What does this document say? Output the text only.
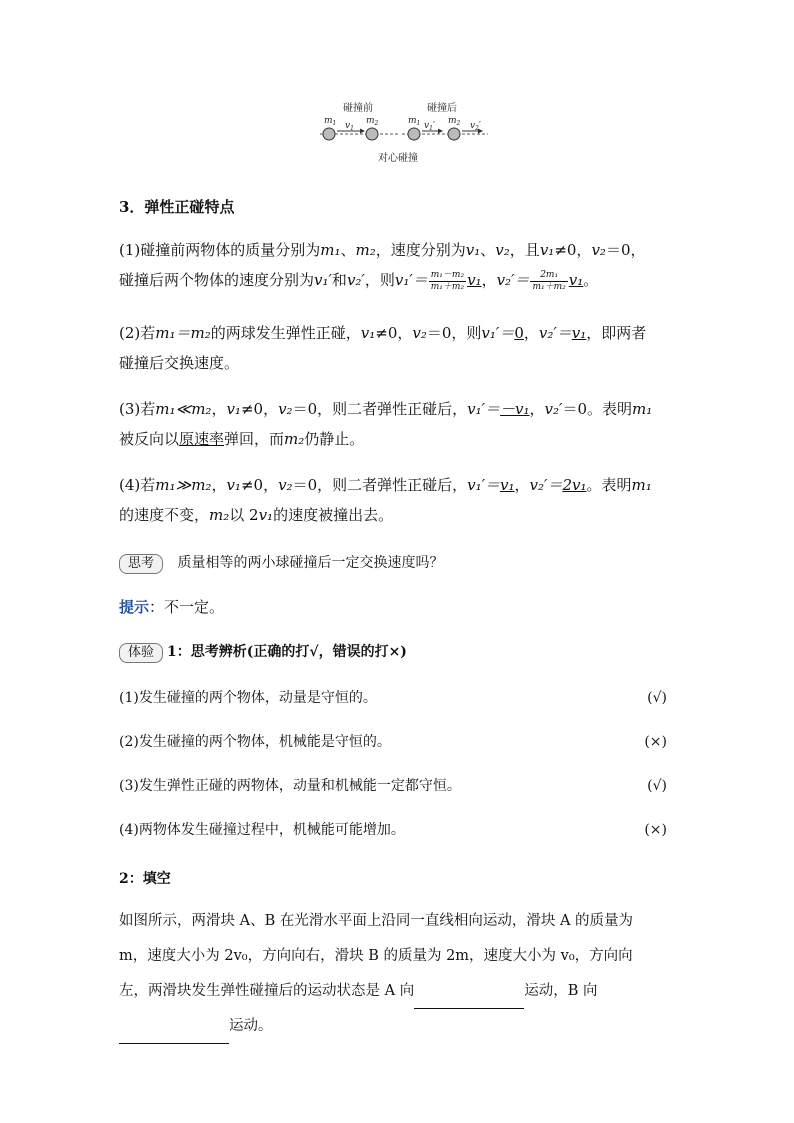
碰撞前	碰撞后
$m_1$	$m_2$
$v_1$
$m_1$ $v_1'$ $m_2$ $v_2'$
对心碰撞
3．弹性正碰特点
(1)碰撞前两物体的质量分别为m₁、m₂，速度分别为v₁、v₂，且v₁≠0，v₂＝0，
碰撞后两个物体的速度分别为v₁′和v₂′，则$v_1'= \frac{\text{m₁－m₂}}{\text{m₁＋m₂}} v_1$，$v_2'= \frac{\text{2m₁}}{\text{m₁＋m₂}} v_1$。
(2)若m₁＝m₂的两球发生弹性正碰，v₁≠0，v₂＝0，则v₁′＝0，v₂′＝v₁，即两者
碰撞后交换速度。
(3)若m₁≪m₂，v₁≠0，v₂＝0，则二者弹性正碰后，v₁′＝－v₁，v₂′＝0。表明m₁
被反向以原速率弹回，而m₂仍静止。
(4)若m₁≫m₂，v₁≠0，v₂＝0，则二者弹性正碰后，v₁′＝v₁，v₂′＝2v₁。表明m₁
的速度不变，m₂以 2v₁的速度被撞出去。
思考 质量相等的两小球碰撞后一定交换速度吗？
提示：不一定。
体验 1：思考辨析(正确的打√，错误的打×)
(1)发生碰撞的两个物体，动量是守恒的。	(√)
(2)发生碰撞的两个物体，机械能是守恒的。	(×)
(3)发生弹性正碰的两物体，动量和机械能一定都守恒。	(√)
(4)两物体发生碰撞过程中，机械能可能增加。	(×)
2：填空
如图所示，两滑块 A、B 在光滑水平面上沿同一直线相向运动，滑块 A 的质量为
m，速度大小为 2v₀，方向向右，滑块 B 的质量为 2m，速度大小为 v₀，方向向
左，两滑块发生弹性碰撞后的运动状态是 A 向	运动，B 向
运动。
